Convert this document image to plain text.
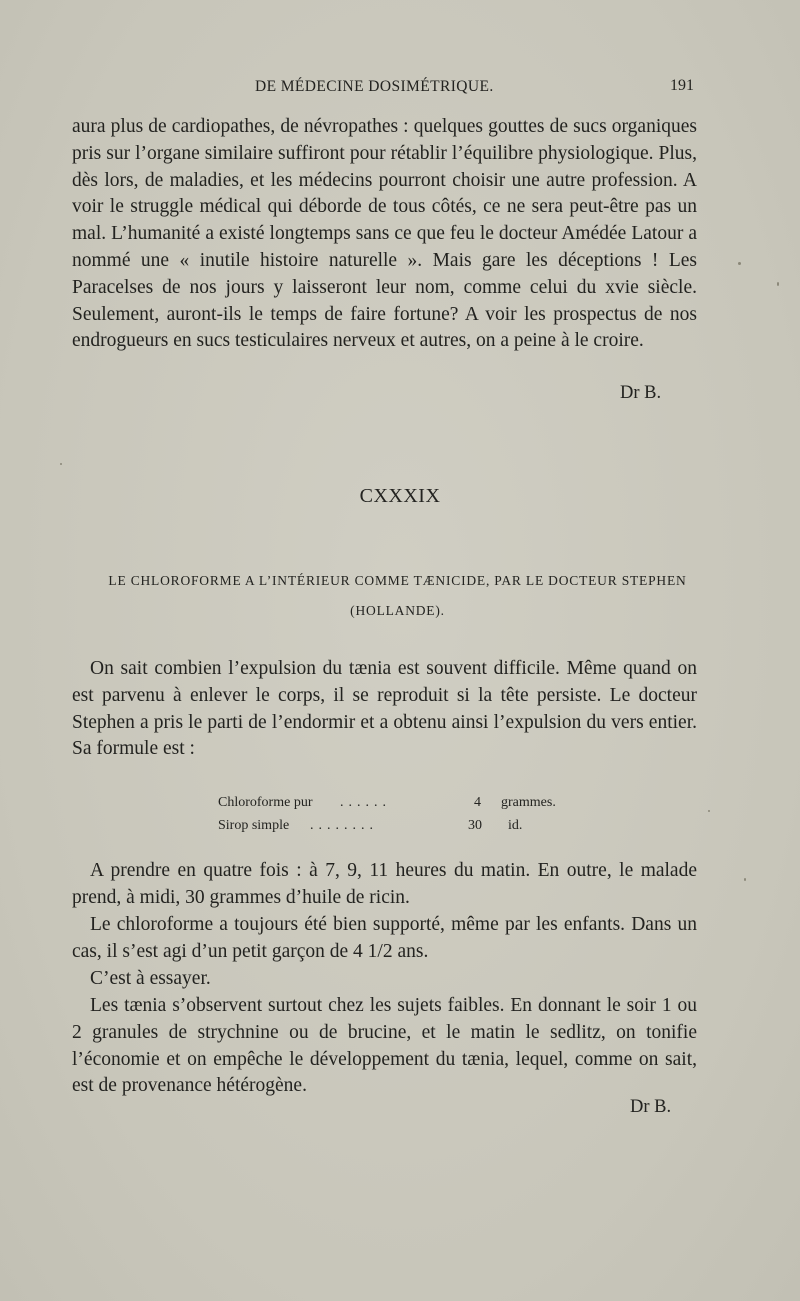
DE MÉDECINE DOSIMÉTRIQUE.	191

aura plus de cardiopathes, de névropathes : quelques gouttes de sucs organiques pris sur l’organe similaire suffiront pour rétablir l’équilibre physiologique. Plus, dès lors, de maladies, et les médecins pourront choisir une autre profession. A voir le struggle médical qui déborde de tous côtés, ce ne sera peut-être pas un mal. L’humanité a existé longtemps sans ce que feu le docteur Amédée Latour a nommé une « inutile histoire naturelle ». Mais gare les déceptions ! Les Paracelses de nos jours y laisseront leur nom, comme celui du xvie siècle. Seulement, auront-ils le temps de faire fortune? A voir les prospectus de nos endrogueurs en sucs testiculaires nerveux et autres, on a peine à le croire.

Dr B.
CXXXIX
LE CHLOROFORME A L’INTÉRIEUR COMME TÆNICIDE, PAR LE DOCTEUR STEPHEN (HOLLANDE).

On sait combien l’expulsion du tænia est souvent difficile. Même quand on est parvenu à enlever le corps, il se reproduit si la tête persiste. Le docteur Stephen a pris le parti de l’endormir et a obtenu ainsi l’expulsion du vers entier. Sa formule est :

Chloroforme pur ......	4 grammes.
Sirop simple ........	30 id.

A prendre en quatre fois : à 7, 9, 11 heures du matin. En outre, le malade prend, à midi, 30 grammes d’huile de ricin.

Le chloroforme a toujours été bien supporté, même par les enfants. Dans un cas, il s’est agi d’un petit garçon de 4 1/2 ans.

C’est à essayer.

Les tænia s’observent surtout chez les sujets faibles. En donnant le soir 1 ou 2 granules de strychnine ou de brucine, et le matin le sedlitz, on tonifie l’économie et on empêche le développement du tænia, lequel, comme on sait, est de provenance hétérogène.

Dr B.
